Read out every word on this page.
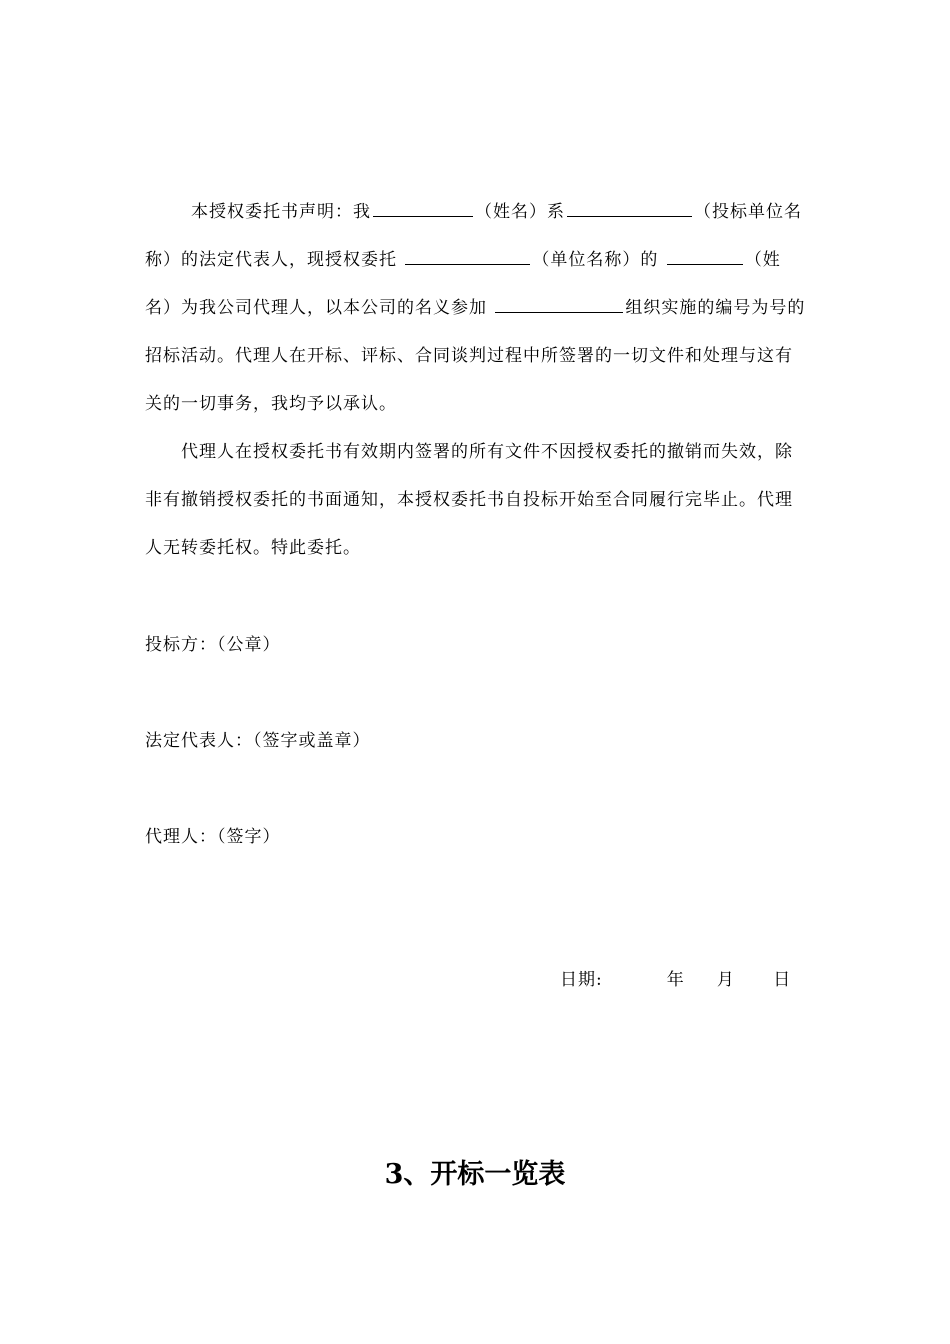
本授权委托书声明：我	（姓名）系	（投标单位名称）的法定代表人，现授权委托	（单位名称）的	（姓名）为我公司代理人，以本公司的名义参加	组织实施的编号为号的招标活动。代理人在开标、评标、合同谈判过程中所签署的一切文件和处理与这有关的一切事务，我均予以承认。

代理人在授权委托书有效期内签署的所有文件不因授权委托的撤销而失效，除非有撤销授权委托的书面通知，本授权委托书自投标开始至合同履行完毕止。代理人无转委托权。特此委托。

投标方：（公章）

法定代表人：（签字或盖章）

代理人：（签字）

日期:	年 月 日

3、开标一览表
